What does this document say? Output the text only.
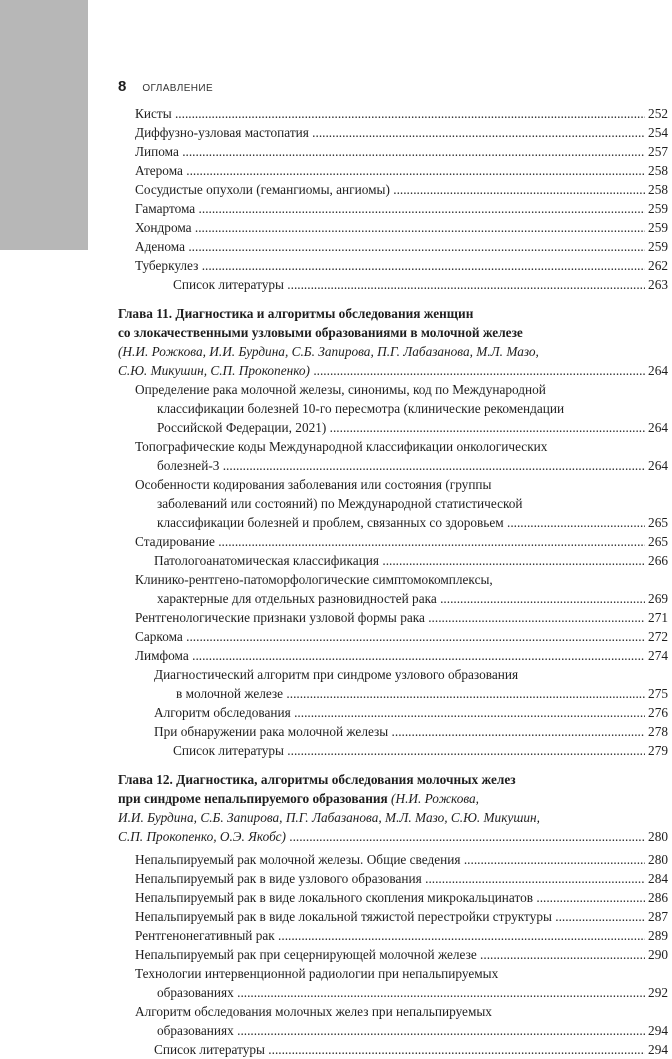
8 ОГЛАВЛЕНИЕ
Кисты .....	252
Диффузно-узловая мастопатия .....	254
Липома .....	257
Атерома .....	258
Сосудистые опухоли (гемангиомы, ангиомы) .....	258
Гамартома .....	259
Хондрома .....	259
Аденома .....	259
Туберкулез .....	262
Список литературы .....	263
Глава 11. Диагностика и алгоритмы обследования женщин
со злокачественными узловыми образованиями в молочной железе
(Н.И. Рожкова, И.И. Бурдина, С.Б. Запирова, П.Г. Лабазанова, М.Л. Мазо,
С.Ю. Микушин, С.П. Прокопенко) .....	264
Определение рака молочной железы, синонимы, код по Международной
классификации болезней 10-го пересмотра (клинические рекомендации
Российской Федерации, 2021) .....	264
Топографические коды Международной классификации онкологических
болезней-3 .....	264
Особенности кодирования заболевания или состояния (группы
заболеваний или состояний) по Международной статистической
классификации болезней и проблем, связанных со здоровьем .....	265
Стадирование .....	265
Патологоанатомическая классификация .....	266
Клинико-рентгено-патоморфологические симптомокомплексы,
характерные для отдельных разновидностей рака .....	269
Рентгенологические признаки узловой формы рака .....	271
Саркома .....	272
Лимфома .....	274
Диагностический алгоритм при синдроме узлового образования
в молочной железе .....	275
Алгоритм обследования .....	276
При обнаружении рака молочной железы .....	278
Список литературы .....	279
Глава 12. Диагностика, алгоритмы обследования молочных желез
при синдроме непальпируемого образования (Н.И. Рожкова,
И.И. Бурдина, С.Б. Запирова, П.Г. Лабазанова, М.Л. Мазо, С.Ю. Микушин,
С.П. Прокопенко, О.Э. Якобс) .....	280
Непальпируемый рак молочной железы. Общие сведения .....	280
Непальпируемый рак в виде узлового образования .....	284
Непальпируемый рак в виде локального скопления микрокальцинатов .....	286
Непальпируемый рак в виде локальной тяжистой перестройки структуры .....	287
Рентгенонегативный рак .....	289
Непальпируемый рак при сецернирующей молочной железе .....	290
Технологии интервенционной радиологии при непальпируемых
образованиях .....	292
Алгоритм обследования молочных желез при непальпируемых
образованиях .....	294
Список литературы .....	294
